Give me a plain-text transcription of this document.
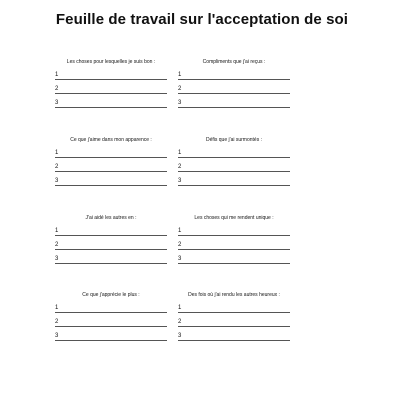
Feuille de travail sur l'acceptation de soi
Les choses pour lesquelles je suis bon :
1
2
3
Compliments que j'ai reçus :
1
2
3
Ce que j'aime dans mon apparence :
1
2
3
Défis que j'ai surmontés :
1
2
3
J'ai aidé les autres en :
1
2
3
Les choses qui me rendent unique :
1
2
3
Ce que j'apprécie le plus :
1
2
3
Des fois où j'ai rendu les autres heureux :
1
2
3
